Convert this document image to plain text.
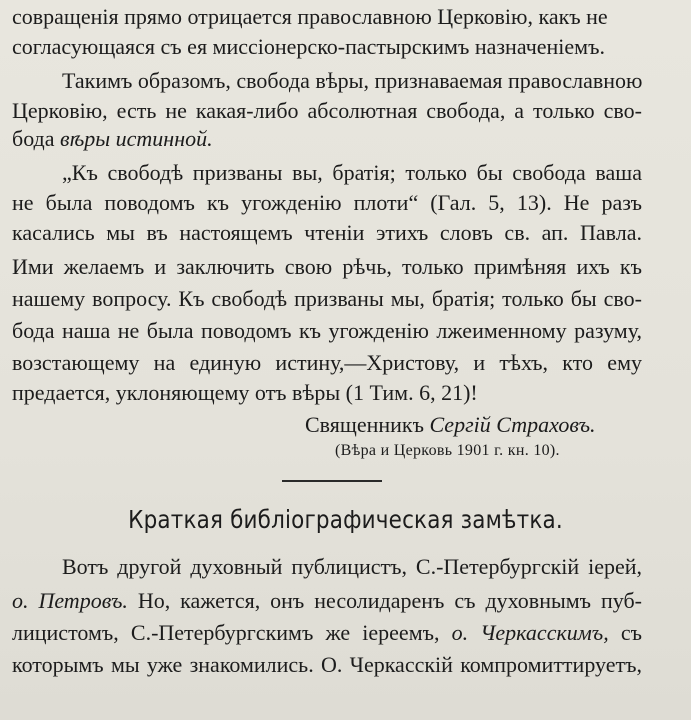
совращенія прямо отрицается православною Церковію, какъ не
согласующаяся съ ея миссіонерско-пастырскимъ назначеніемъ.
Такимъ образомъ, свобода вѣры, признаваемая православною
Церковію, есть не какая-либо абсолютная свобода, а только сво-
бода вѣры истинной.
„Къ свободѣ призваны вы, братія; только бы свобода ваша
не была поводомъ къ угожденію плоти“ (Гал. 5, 13). Не разъ
касались мы въ настоящемъ чтеніи этихъ словъ св. ап. Павла.
Ими желаемъ и заключить свою рѣчь, только примѣняя ихъ къ
нашему вопросу. Къ свободѣ призваны мы, братія; только бы сво-
бода наша не была поводомъ къ угожденію лжеименному разуму,
возстающему на единую истину,—Христову, и тѣхъ, кто ему
предается, уклоняющему отъ вѣры (1 Тим. 6, 21)!
Священникъ Сергій Страховъ.
(Вѣра и Церковь 1901 г. кн. 10).
Краткая библіографическая замѣтка.
Вотъ другой духовный публицистъ, С.-Петербургскій іерей,
о. Петровъ. Но, кажется, онъ несолидаренъ съ духовнымъ пуб-
лицистомъ, С.-Петербургскимъ же іереемъ, о. Черкасскимъ, съ
которымъ мы уже знакомились. О. Черкасскій компромиттируетъ,
